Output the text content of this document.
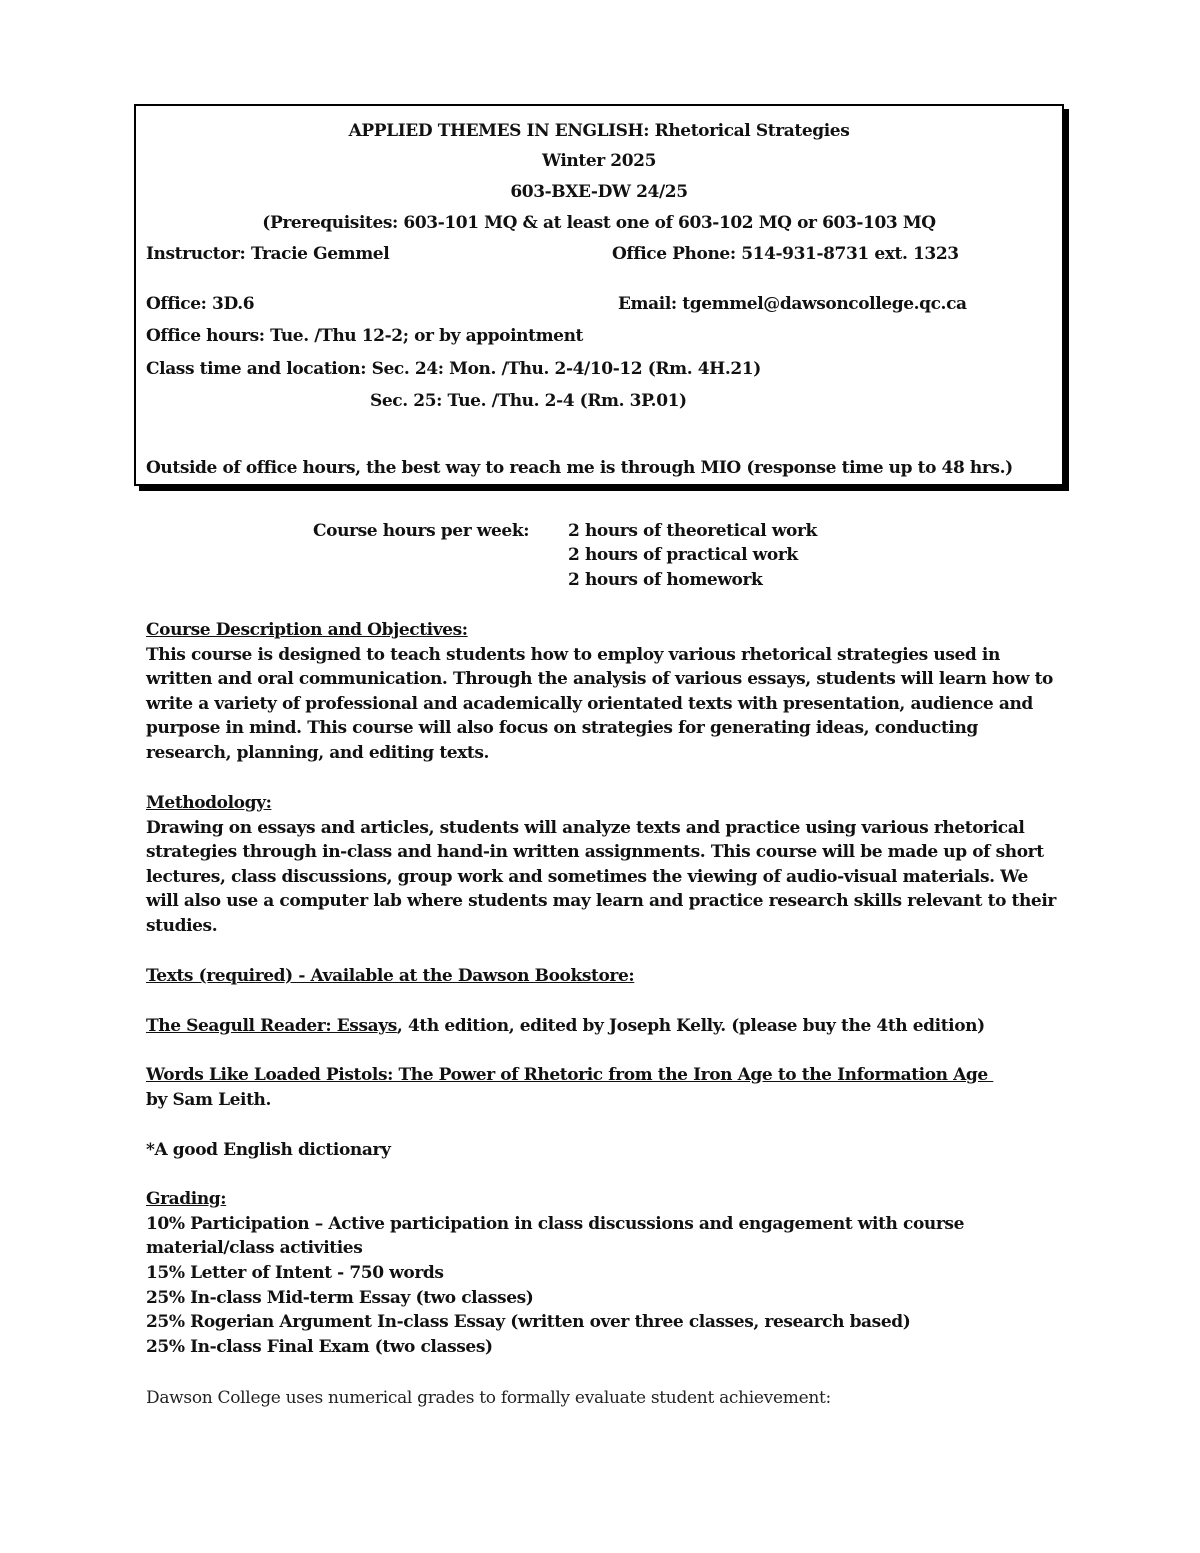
APPLIED THEMES IN ENGLISH: Rhetorical Strategies
Winter 2025
603-BXE-DW 24/25
(Prerequisites: 603-101 MQ & at least one of 603-102 MQ or 603-103 MQ
Instructor: Tracie Gemmel	Office Phone: 514-931-8731 ext. 1323
Office: 3D.6	Email: tgemmel@dawsoncollege.qc.ca
Office hours: Tue. /Thu 12-2; or by appointment
Class time and location: Sec. 24: Mon. /Thu. 2-4/10-12 (Rm. 4H.21)
Sec. 25: Tue. /Thu. 2-4 (Rm. 3P.01)
Outside of office hours, the best way to reach me is through MIO (response time up to 48 hrs.)
Course hours per week: 2 hours of theoretical work
2 hours of practical work
2 hours of homework
Course Description and Objectives:
This course is designed to teach students how to employ various rhetorical strategies used in
written and oral communication. Through the analysis of various essays, students will learn how to
write a variety of professional and academically orientated texts with presentation, audience and
purpose in mind. This course will also focus on strategies for generating ideas, conducting
research, planning, and editing texts.
Methodology:
Drawing on essays and articles, students will analyze texts and practice using various rhetorical
strategies through in-class and hand-in written assignments. This course will be made up of short
lectures, class discussions, group work and sometimes the viewing of audio-visual materials. We
will also use a computer lab where students may learn and practice research skills relevant to their
studies.
Texts (required) - Available at the Dawson Bookstore:
The Seagull Reader: Essays, 4th edition, edited by Joseph Kelly. (please buy the 4th edition)
Words Like Loaded Pistols: The Power of Rhetoric from the Iron Age to the Information Age
by Sam Leith.
*A good English dictionary
Grading:
10% Participation – Active participation in class discussions and engagement with course
material/class activities
15% Letter of Intent - 750 words
25% In-class Mid-term Essay (two classes)
25% Rogerian Argument In-class Essay (written over three classes, research based)
25% In-class Final Exam (two classes)
Dawson College uses numerical grades to formally evaluate student achievement:
